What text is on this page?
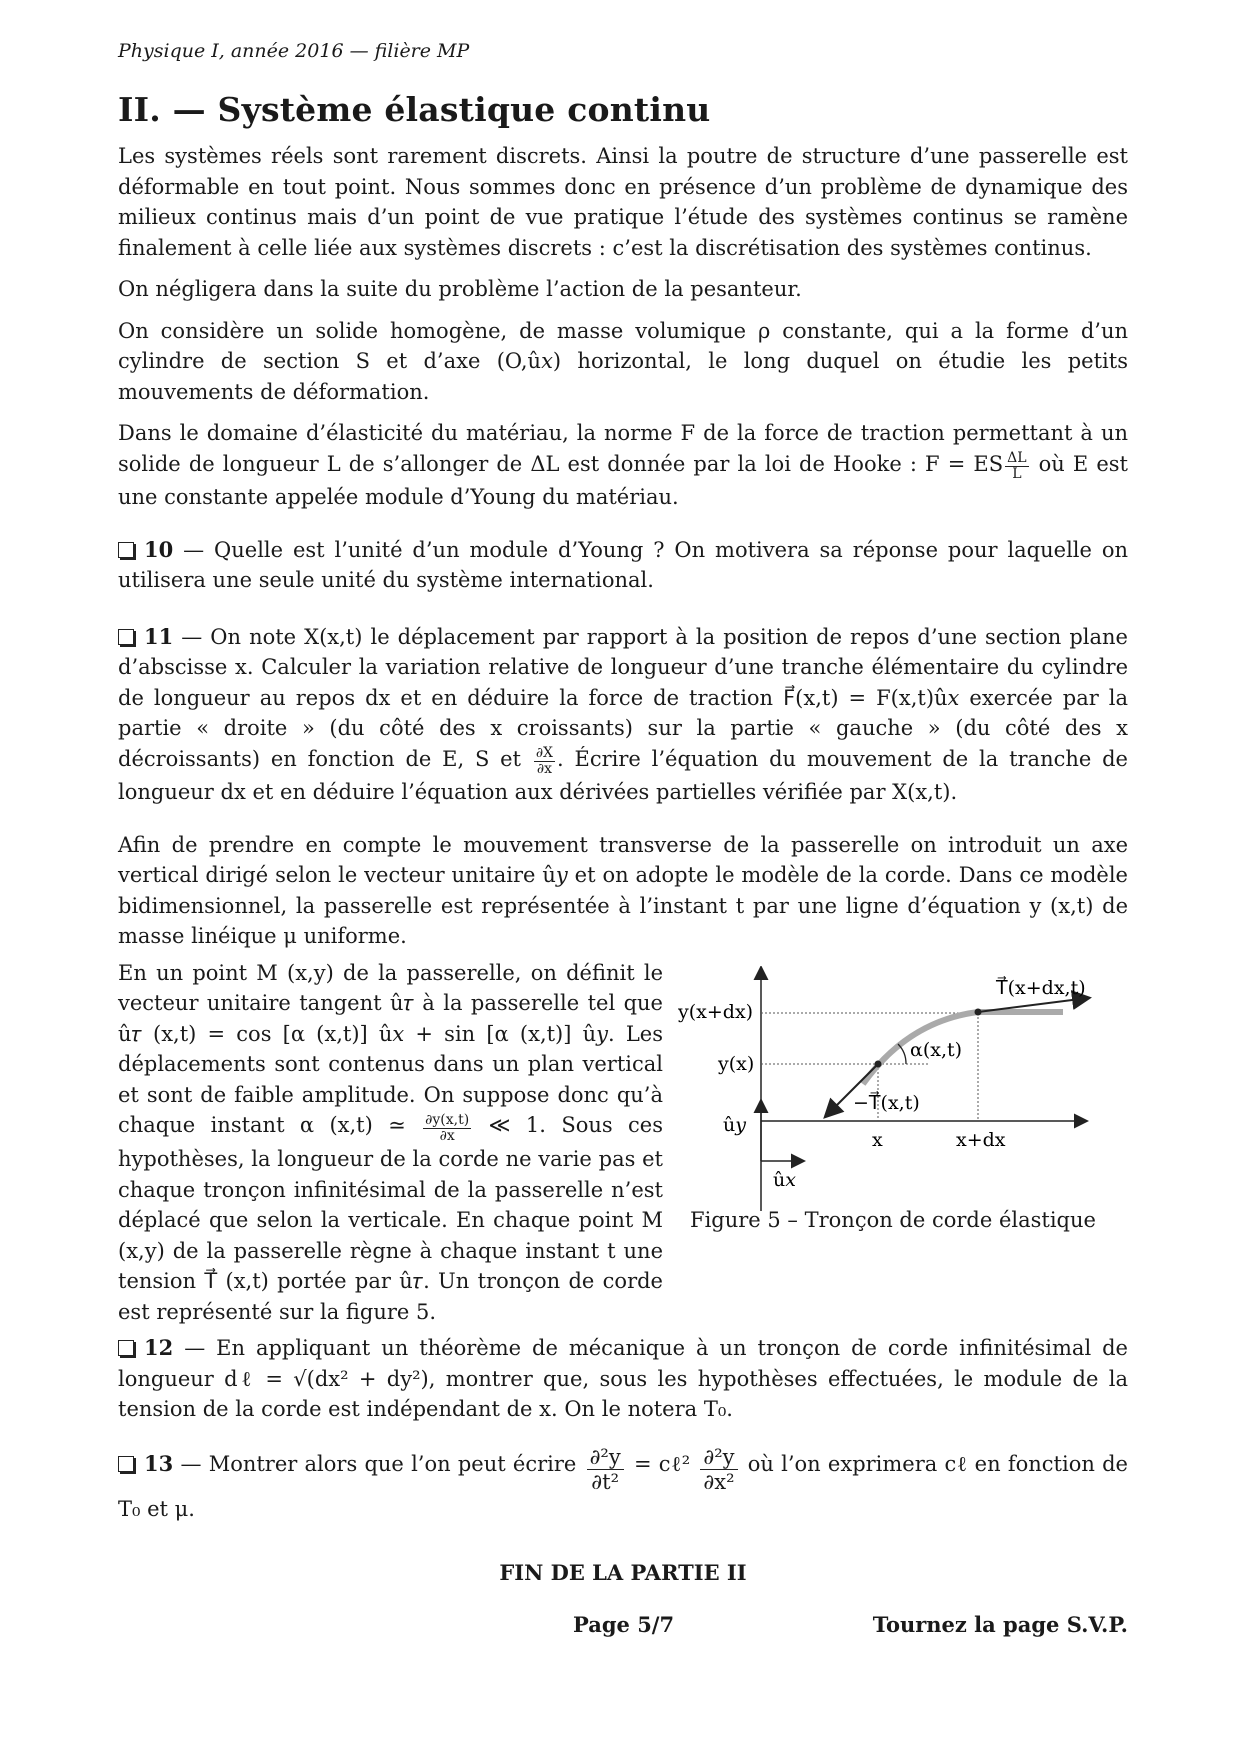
Physique I, année 2016 — filière MP
II. — Système élastique continu

Les systèmes réels sont rarement discrets. Ainsi la poutre de structure d’une passerelle est déformable en tout point. Nous sommes donc en présence d’un problème de dynamique des milieux continus mais d’un point de vue pratique l’étude des systèmes continus se ramène finalement à celle liée aux systèmes discrets : c’est la discrétisation des systèmes continus.

On négligera dans la suite du problème l’action de la pesanteur.

On considère un solide homogène, de masse volumique ρ constante, qui a la forme d’un cylindre de section S et d’axe (O,û𝑥) horizontal, le long duquel on étudie les petits mouvements de déformation.

Dans le domaine d’élasticité du matériau, la norme F de la force de traction permettant à un solide de longueur L de s’allonger de ΔL est donnée par la loi de Hooke : F = ES $\frac{\Delta L}{L}$ où E est une constante appelée module d’Young du matériau.

10 — Quelle est l’unité d’un module d’Young ? On motivera sa réponse pour laquelle on utilisera une seule unité du système international.

11 — On note X(x,t) le déplacement par rapport à la position de repos d’une section plane d’abscisse x. Calculer la variation relative de longueur d’une tranche élémentaire du cylindre de longueur au repos dx et en déduire la force de traction F⃗(x,t) = F(x,t)û𝑥 exercée par la partie « droite » (du côté des x croissants) sur la partie « gauche » (du côté des x décroissants) en fonction de E, S et $\frac{\partial X}{\partial x}$ . Écrire l’équation du mouvement de la tranche de longueur dx et en déduire l’équation aux dérivées partielles vérifiée par X(x,t).

Afin de prendre en compte le mouvement transverse de la passerelle on introduit un axe vertical dirigé selon le vecteur unitaire û𝑦 et on adopte le modèle de la corde. Dans ce modèle bidimensionnel, la passerelle est représentée à l’instant t par une ligne d’équation y (x,t) de masse linéique μ uniforme.

En un point M (x,y) de la passerelle, on définit le vecteur unitaire tangent û𝜏 à la passerelle tel que û𝜏 (x,t) = cos [α (x,t)] û𝑥 + sin [α (x,t)] û𝑦. Les déplacements sont contenus dans un plan vertical et sont de faible amplitude. On suppose donc qu’à chaque instant α (x,t) ≃ $\frac{\partial y(x,t)}{\partial x}$ ≪ 1. Sous ces hypothèses, la longueur de la corde ne varie pas et chaque tronçon infinitésimal de la passerelle n’est déplacé que selon la verticale. En chaque point M (x,y) de la passerelle règne à chaque instant t une tension T⃗ (x,t) portée par û𝜏. Un tronçon de corde est représenté sur la figure 5.

y(x+dx)
y(x)
T⃗(x+dx,t)
α(x,t)
−T⃗(x,t)
û𝑦
û𝑥
x	x+dx
Figure 5 – Tronçon de corde élastique

12 — En appliquant un théorème de mécanique à un tronçon de corde infinitésimal de longueur dℓ = √(dx² + dy²), montrer que, sous les hypothèses effectuées, le module de la tension de la corde est indépendant de x. On le notera T₀.

13 — Montrer alors que l’on peut écrire $\frac{\text{∂²y}}{\text{∂t²}}$ = cℓ² $\frac{\text{∂²y}}{\text{∂x²}}$ où l’on exprimera cℓ en fonction de T₀ et μ.

FIN DE LA PARTIE II
Page 5/7	Tournez la page S.V.P.
